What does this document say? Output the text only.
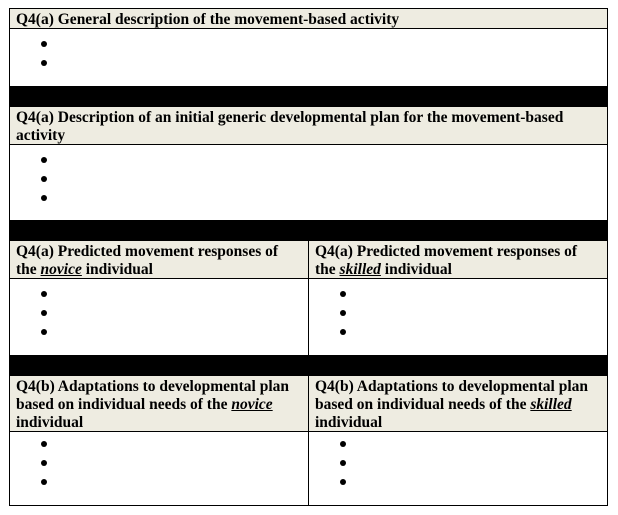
Q4(a) General description of the movement-based activity
Q4(a) Description of an initial generic developmental plan for the movement-based activity
Q4(a) Predicted movement responses of the novice individual
Q4(a) Predicted movement responses of the skilled individual
Q4(b) Adaptations to developmental plan based on individual needs of the novice individual
Q4(b) Adaptations to developmental plan based on individual needs of the skilled individual
